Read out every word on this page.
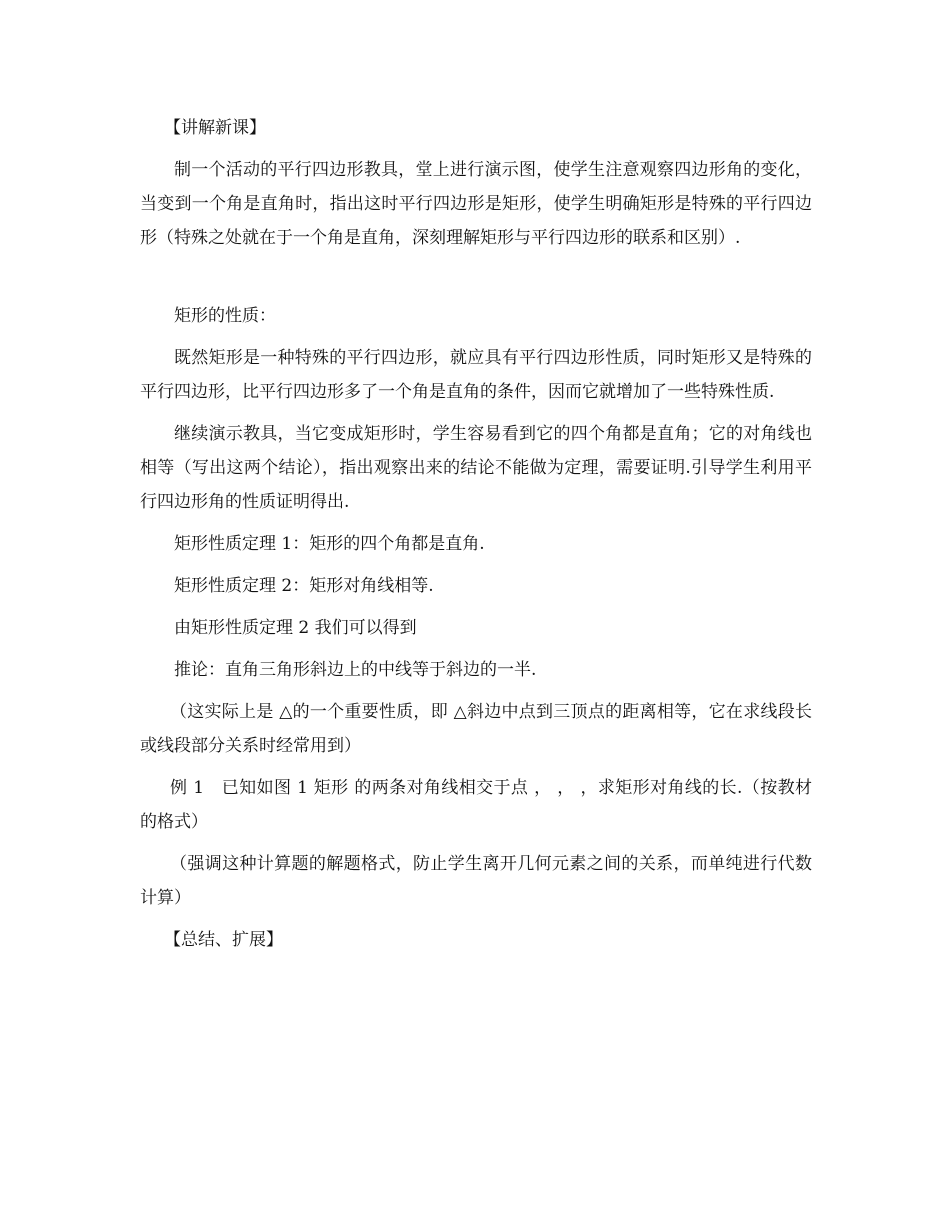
【讲解新课】
制一个活动的平行四边形教具，堂上进行演示图，使学生注意观察四边形角的变化，当变到一个角是直角时，指出这时平行四边形是矩形，使学生明确矩形是特殊的平行四边形（特殊之处就在于一个角是直角，深刻理解矩形与平行四边形的联系和区别）.
矩形的性质：
既然矩形是一种特殊的平行四边形，就应具有平行四边形性质，同时矩形又是特殊的平行四边形，比平行四边形多了一个角是直角的条件，因而它就增加了一些特殊性质.
继续演示教具，当它变成矩形时，学生容易看到它的四个角都是直角；它的对角线也相等（写出这两个结论），指出观察出来的结论不能做为定理，需要证明.引导学生利用平行四边形角的性质证明得出.
矩形性质定理 1：矩形的四个角都是直角.
矩形性质定理 2：矩形对角线相等.
由矩形性质定理 2 我们可以得到
推论：直角三角形斜边上的中线等于斜边的一半.
（这实际上是 △的一个重要性质，即 △斜边中点到三顶点的距离相等，它在求线段长或线段部分关系时经常用到）
例 1　已知如图 1 矩形 的两条对角线相交于点 ， ， ，求矩形对角线的长.（按教材的格式）
（强调这种计算题的解题格式，防止学生离开几何元素之间的关系，而单纯进行代数计算）
【总结、扩展】
